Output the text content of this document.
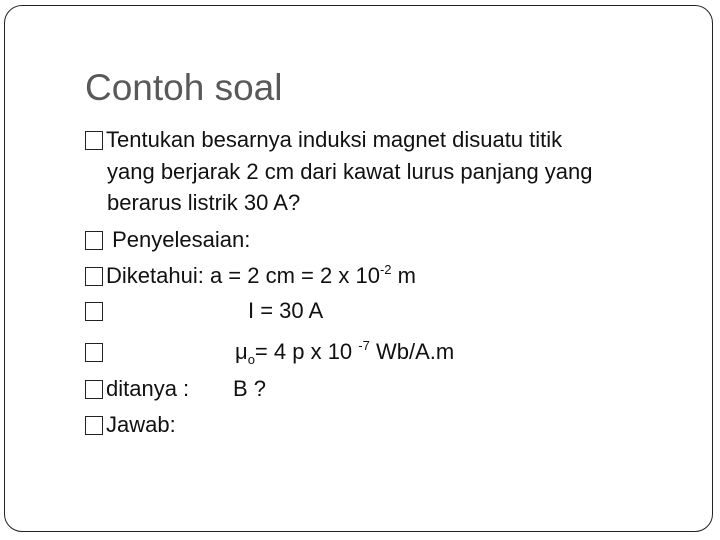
Contoh soal
Tentukan besarnya induksi magnet disuatu titik
yang berjarak 2 cm dari kawat lurus panjang yang
berarus listrik 30 A?
Penyelesaian:
Diketahui: a = 2 cm = 2 x $10^{-2}$ m
I = 30 A
$\mu_o= 4$ p x 10 $^{-7}$ Wb/A.m
ditanya : B ?
Jawab:
